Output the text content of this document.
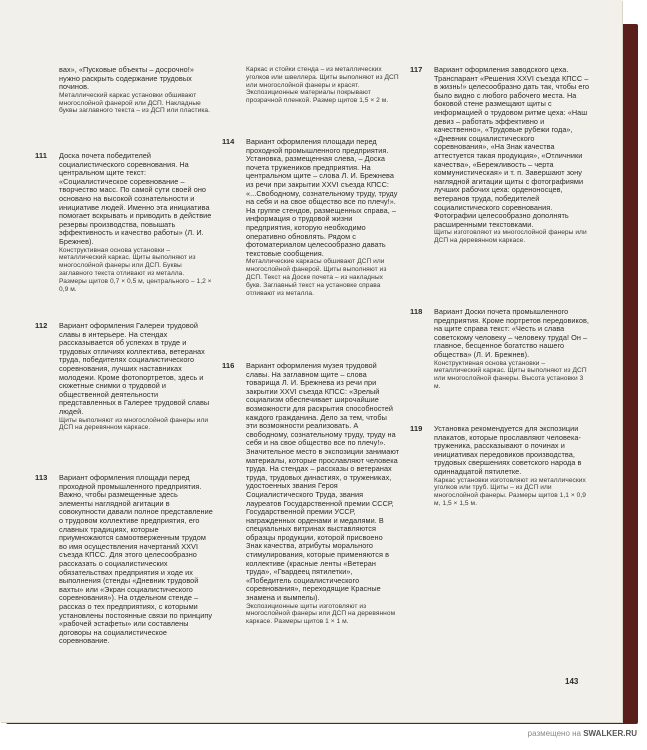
вах», «Пусковые объекты – досрочно!» нужно раскрыть содержание трудовых починов.

Металлический каркас установки обшивают многослойной фанерой или ДСП. Накладные буквы заглавного текста – из ДСП или пластика.

111 Доска почета победителей социалистического соревнования. На центральном щите текст: «Социалистическое соревнование – творчество масс. По самой сути своей оно основано на высокой сознательности и инициативе людей. Именно эта инициатива помогает вскрывать и приводить в действие резервы производства, повышать эффективность и качество работы» (Л. И. Брежнев).

Конструктивная основа установки – металлический каркас. Щиты выполняют из многослойной фанеры или ДСП. Буквы заглавного текста отливают из металла. Размеры щитов 0,7 × 0,5 м, центрального – 1,2 × 0,9 м.

112 Вариант оформления Галереи трудовой славы в интерьере. На стендах рассказывается об успехах в труде и трудовых отличиях коллектива, ветеранах труда, победителях социалистического соревнования, лучших наставниках молодежи. Кроме фотопортретов, здесь и сюжетные снимки о трудовой и общественной деятельности представленных в Галерее трудовой славы людей.

Щиты выполняют из многослойной фанеры или ДСП на деревянном каркасе.

113 Вариант оформления площади перед проходной промышленного предприятия. Важно, чтобы размещенные здесь элементы наглядной агитации в совокупности давали полное представление о трудовом коллективе предприятия, его славных традициях, которые приумножаются самоотверженным трудом во имя осуществления начертаний XXVI съезда КПСС. Для этого целесообразно рассказать о социалистических обязательствах предприятия и ходе их выполнения (стенды «Дневник трудовой вахты» или «Экран социалистического соревнования»). На отдельном стенде – рассказ о тех предприятиях, с которыми установлены постоянные связи по принципу «рабочей эстафеты» или составлены договоры на социалистическое соревнование.

Каркас и стойки стенда – из металлических уголков или швеллера. Щиты выполняют из ДСП или многослойной фанеры и красят. Экспозиционные материалы покрывают прозрачной пленкой. Размер щитов 1,5 × 2 м.

114 Вариант оформления площади перед проходной промышленного предприятия. Установка, размещенная слева, – Доска почета тружеников предприятия. На центральном щите – слова Л. И. Брежнева из речи при закрытии XXVI съезда КПСС: «...Свободному, сознательному труду, труду на себя и на свое общество все по плечу!». На группе стендов, размещенных справа, – информация о трудовой жизни предприятия, которую необходимо оперативно обновлять. Рядом с фотоматериалом целесообразно давать текстовые сообщения.

Металлические каркасы обшивают ДСП или многослойной фанерой. Щиты выполняют из ДСП. Текст на Доске почета – из накладных букв. Заглавный текст на установке справа отливают из металла.

116 Вариант оформления музея трудовой славы. На заглавном щите – слова товарища Л. И. Брежнева из речи при закрытии XXVI съезда КПСС: «Зрелый социализм обеспечивает широчайшие возможности для раскрытия способностей каждого гражданина. Дело за тем, чтобы эти возможности реализовать. А свободному, сознательному труду, труду на себя и на свое общество все по плечу!». Значительное место в экспозиции занимают материалы, которые прославляют человека труда. На стендах – рассказы о ветеранах труда, трудовых династиях, о тружениках, удостоенных звания Героя Социалистического Труда, звания лауреатов Государственной премии СССР, Государственной премии УССР, награжденных орденами и медалями. В специальных витринах выставляются образцы продукции, которой присвоено Знак качества, атрибуты морального стимулирования, которые применяются в коллективе (красные ленты «Ветеран труда», «Гвардеец пятилетки», «Победитель социалистического соревнования», переходящие Красные знамена и вымпелы).

Экспозиционные щиты изготовляют из многослойной фанеры или ДСП на деревянном каркасе. Размеры щитов 1 × 1 м.

117 Вариант оформления заводского цеха. Транспарант «Решения XXVI съезда КПСС – в жизнь!» целесообразно дать так, чтобы его было видно с любого рабочего места. На боковой стене размещают щиты с информацией о трудовом ритме цеха: «Наш девиз – работать эффективно и качественно», «Трудовые рубежи года», «Дневник социалистического соревнования», «На Знак качества аттестуется такая продукция», «Отличники качества», «Бережливость – черта коммунистическая» и т. п. Завершают зону наглядной агитации щиты с фотографиями лучших рабочих цеха: орденоносцев, ветеранов труда, победителей социалистического соревнования. Фотографии целесообразно дополнять расширенными текстовками.

Щиты изготовляют из многослойной фанеры или ДСП на деревянном каркасе.

118 Вариант Доски почета промышленного предприятия. Кроме портретов передовиков, на щите справа текст: «Честь и слава советскому человеку – человеку труда! Он – главное, бесценное богатство нашего общества» (Л. И. Брежнев).

Конструктивная основа установки – металлический каркас. Щиты выполняют из ДСП или многослойной фанеры. Высота установки 3 м.

119 Установка рекомендуется для экспозиции плакатов, которые прославляют человека-труженика, рассказывают о починах и инициативах передовиков производства, трудовых свершениях советского народа в одиннадцатой пятилетке.

Каркас установки изготовляют из металлических уголков или труб. Щиты – из ДСП или многослойной фанеры. Размеры щитов 1,1 × 0,9 м, 1,5 × 1,5 м.

143
размещено на SWALKER.RU
